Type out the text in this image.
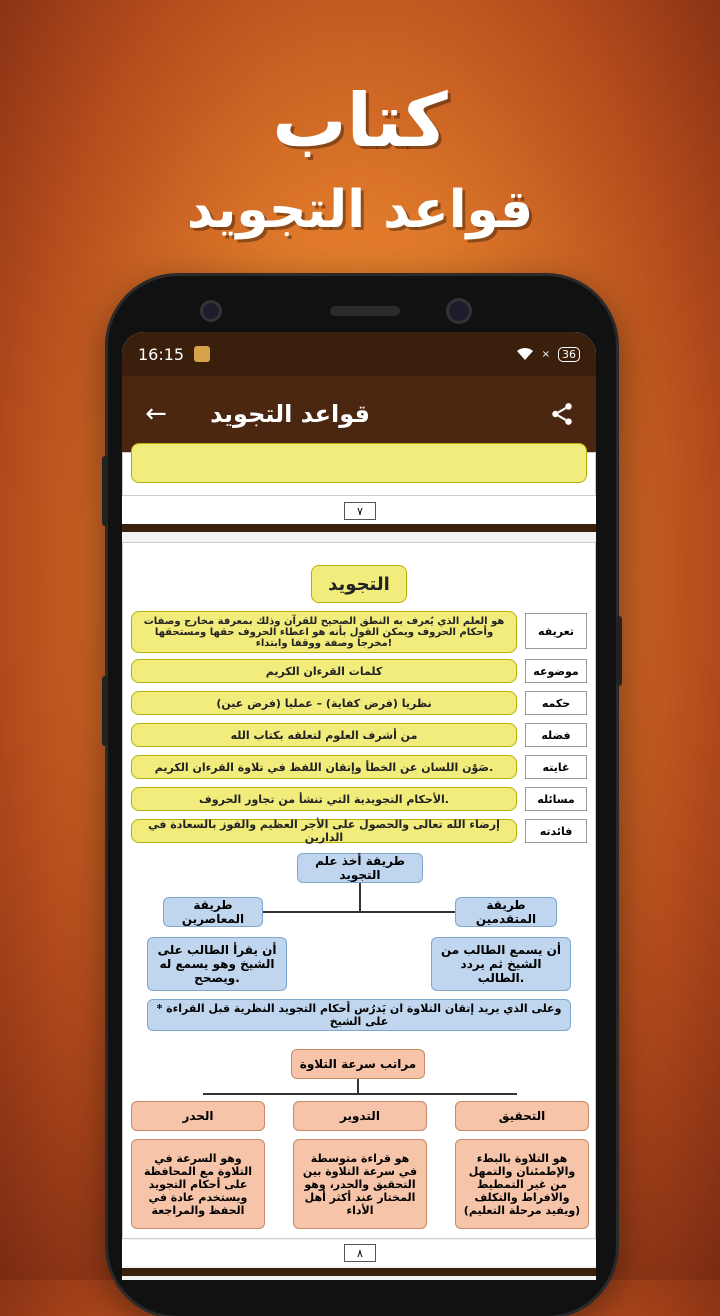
كتاب
قواعد التجويد
16:15	×	36
← قواعد التجويد
٧
التجويد
تعريفه
هو العلم الذي يُعرف به النطق الصحيح للقرآن وذلك بمعرفة مخارج وصفات وأحكام الحروف ويمكن القول بأنه هو اعطاء الحروف حقها ومستحقها مخرجا وصفة ووقفا وابتداء!
موضوعه
كلمات القرءان الكريم
حكمه
نظريا (فرض كفاية) – عمليا (فرض عين)
فضله
من أشرف العلوم لتعلقه بكتاب الله
غايته
صَوْن اللسان عن الخطأ وإتقان اللفظ في تلاوة القرءان الكريم.
مسائله
الأحكام التجويدية التي تنشأ من تجاور الحروف.
فائدته
إرضاء الله تعالى والحصول على الأجر العظيم والفوز بالسعادة في الدارين
طريقة أخذ علم التجويد
طريقة المتقدمين
طريقة المعاصرين
أن يسمع الطالب من الشيخ ثم يردد الطالب.
أن يقرأ الطالب على الشيخ وهو يسمع له ويصحح.
* وعلى الذي يريد إتقان التلاوة ان يَدرُس أحكام التجويد النظرية قبل القراءة على الشيخ
مراتب سرعة التلاوة
التحقيق
التدوير
الحدر
هو التلاوة بالبطء والإطمئنان والتمهل من غير التمطيط والافراط والتكلف (ويفيد مرحلة التعليم)
هو قراءة متوسطة في سرعة التلاوة بين التحقيق والحدر، وهو المختار عند أكثر أهل الأداء
وهو السرعة في التلاوة مع المحافظة على أحكام التجويد ويستخدم عادة في الحفظ والمراجعة
٨
